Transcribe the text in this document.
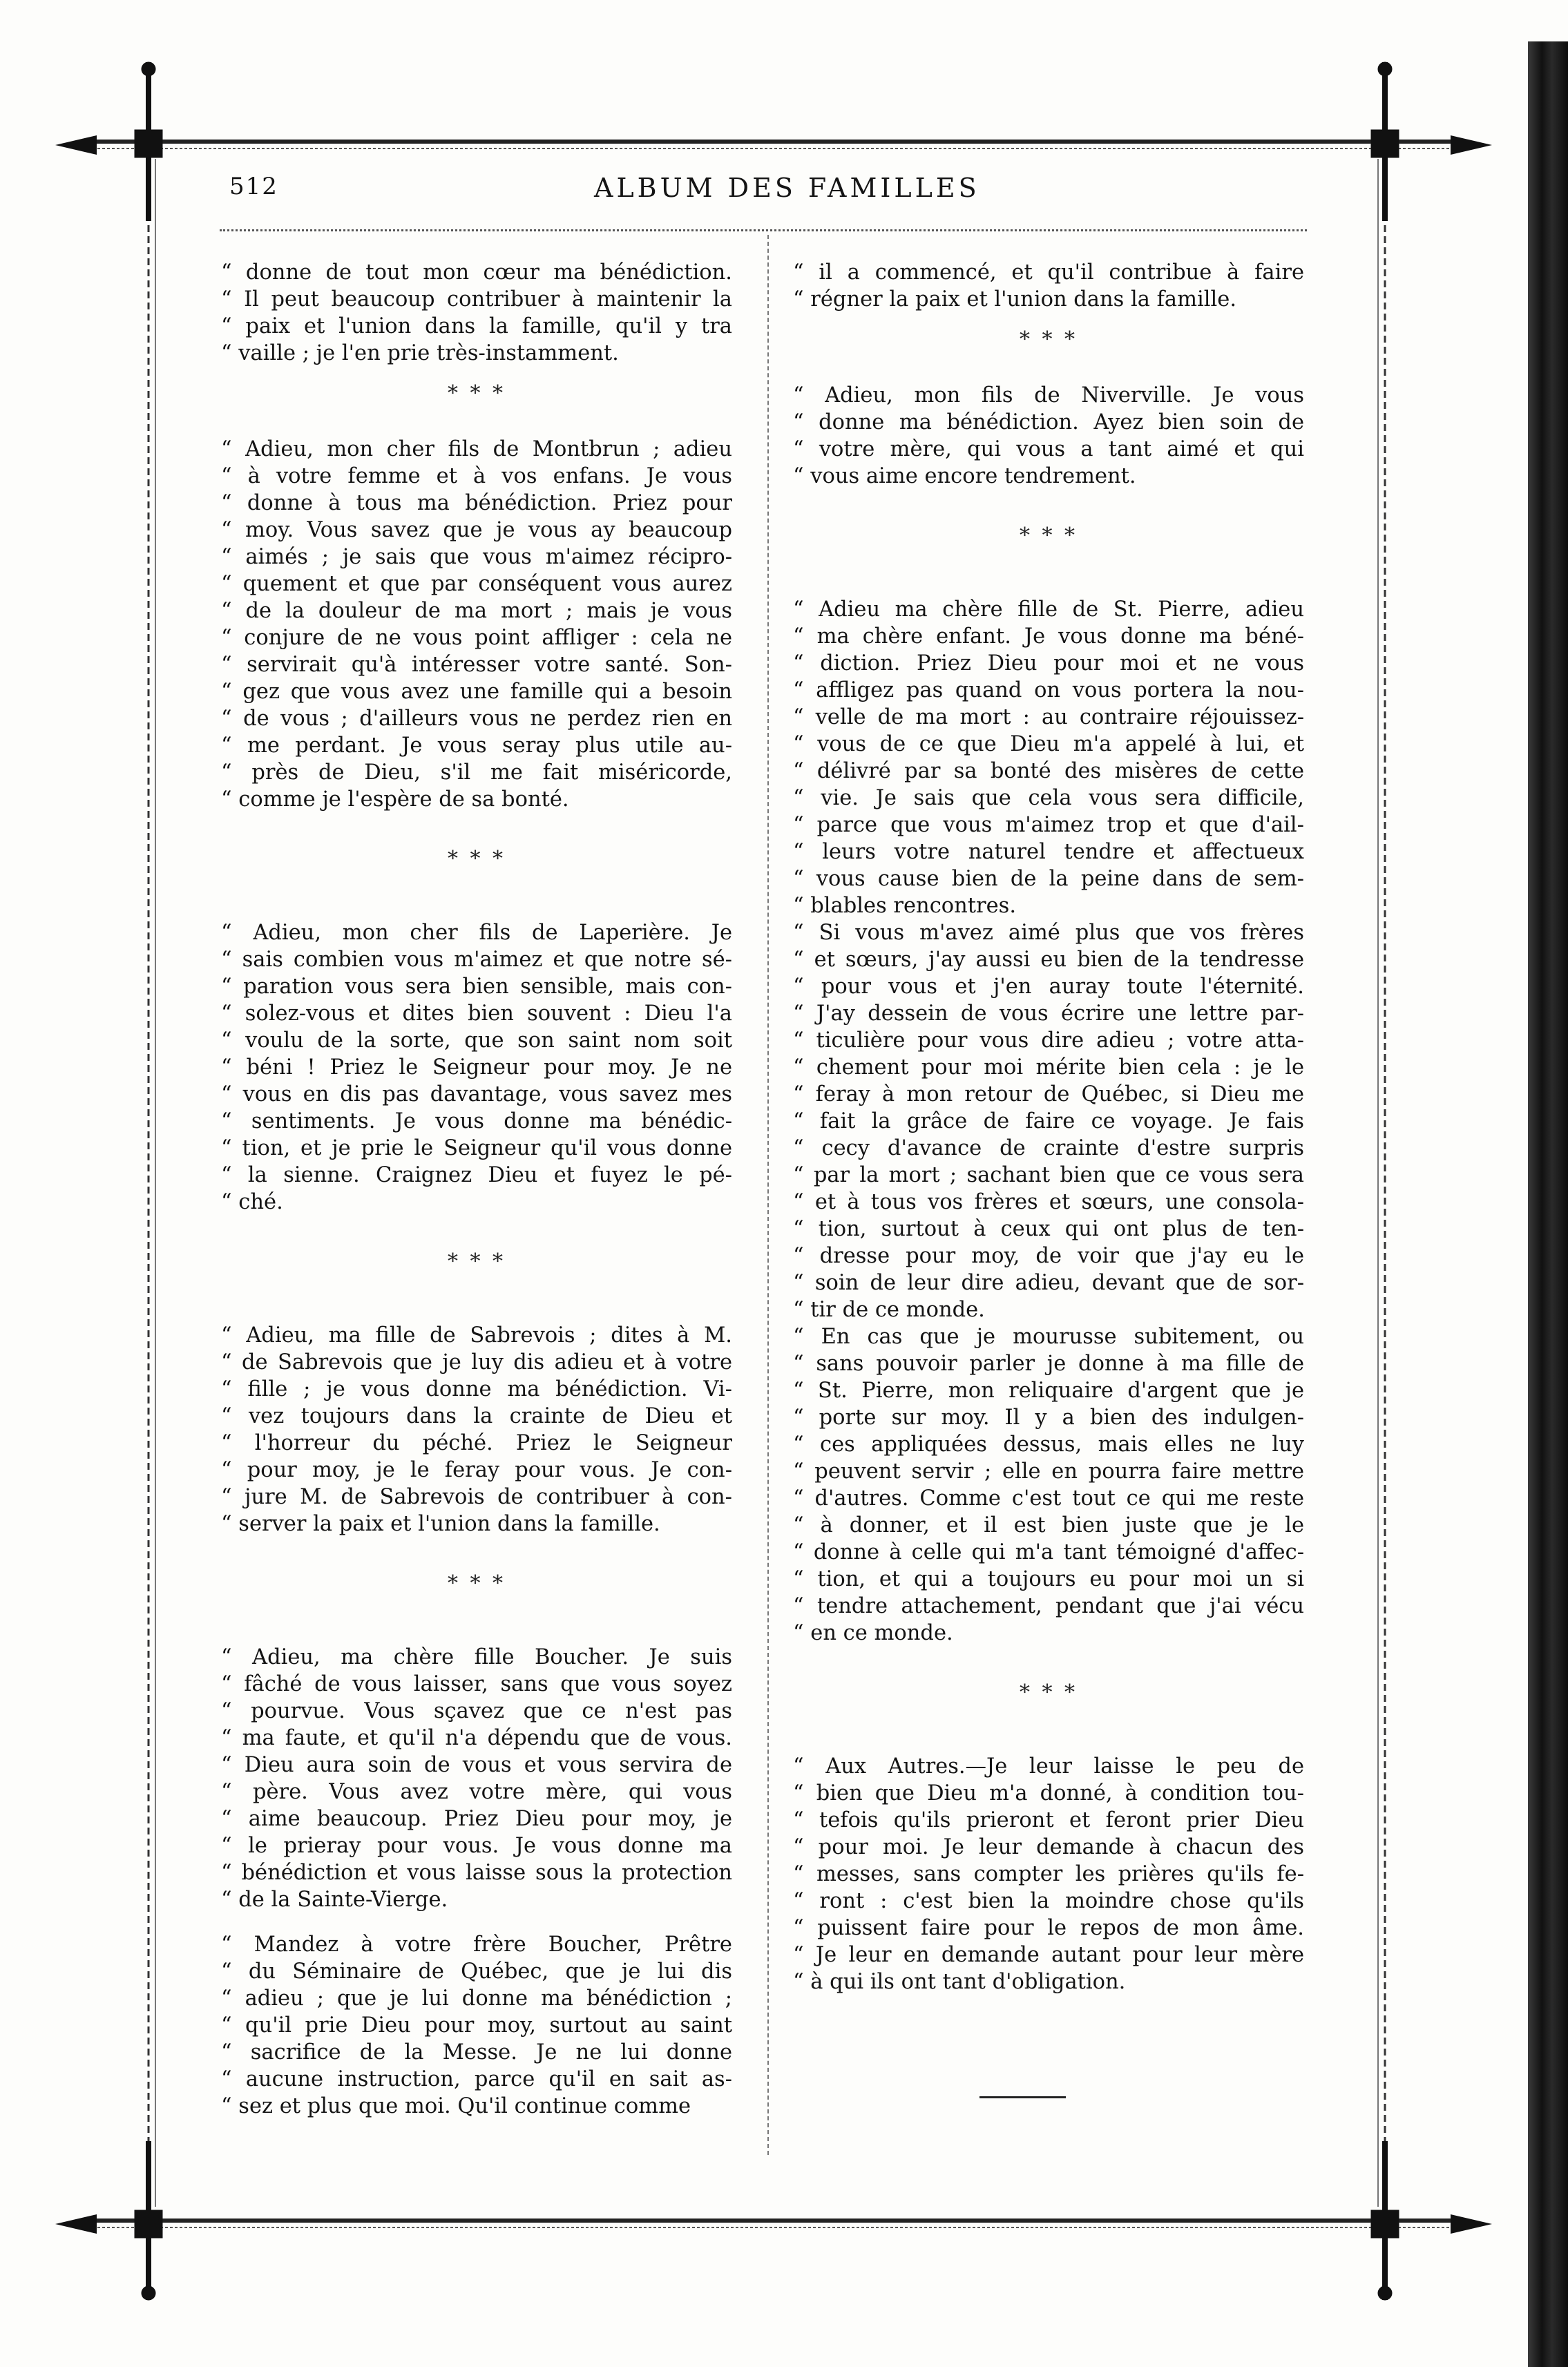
512	ALBUM DES FAMILLES

“ donne de tout mon cœur ma bénédiction.
“ Il peut beaucoup contribuer à maintenir la
“ paix et l'union dans la famille, qu'il y tra
“ vaille ; je l'en prie très-instamment.

* * *

“ Adieu, mon cher fils de Montbrun ; adieu
“ à votre femme et à vos enfans. Je vous
“ donne à tous ma bénédiction. Priez pour
“ moy. Vous savez que je vous ay beaucoup
“ aimés ; je sais que vous m'aimez récipro-
“ quement et que par conséquent vous aurez
“ de la douleur de ma mort ; mais je vous
“ conjure de ne vous point affliger : cela ne
“ servirait qu'à intéresser votre santé. Son-
“ gez que vous avez une famille qui a besoin
“ de vous ; d'ailleurs vous ne perdez rien en
“ me perdant. Je vous seray plus utile au-
“ près de Dieu, s'il me fait miséricorde,
“ comme je l'espère de sa bonté.

* * *

“ Adieu, mon cher fils de Laperière. Je
“ sais combien vous m'aimez et que notre sé-
“ paration vous sera bien sensible, mais con-
“ solez-vous et dites bien souvent : Dieu l'a
“ voulu de la sorte, que son saint nom soit
“ béni ! Priez le Seigneur pour moy. Je ne
“ vous en dis pas davantage, vous savez mes
“ sentiments. Je vous donne ma bénédic-
“ tion, et je prie le Seigneur qu'il vous donne
“ la sienne. Craignez Dieu et fuyez le pé-
“ ché.

* * *

“ Adieu, ma fille de Sabrevois ; dites à M.
“ de Sabrevois que je luy dis adieu et à votre
“ fille ; je vous donne ma bénédiction. Vi-
“ vez toujours dans la crainte de Dieu et
“ l'horreur du péché. Priez le Seigneur
“ pour moy, je le feray pour vous. Je con-
“ jure M. de Sabrevois de contribuer à con-
“ server la paix et l'union dans la famille.

* * *

“ Adieu, ma chère fille Boucher. Je suis
“ fâché de vous laisser, sans que vous soyez
“ pourvue. Vous sçavez que ce n'est pas
“ ma faute, et qu'il n'a dépendu que de vous.
“ Dieu aura soin de vous et vous servira de
“ père. Vous avez votre mère, qui vous
“ aime beaucoup. Priez Dieu pour moy, je
“ le prieray pour vous. Je vous donne ma
“ bénédiction et vous laisse sous la protection
“ de la Sainte-Vierge.

“ Mandez à votre frère Boucher, Prêtre
“ du Séminaire de Québec, que je lui dis
“ adieu ; que je lui donne ma bénédiction ;
“ qu'il prie Dieu pour moy, surtout au saint
“ sacrifice de la Messe. Je ne lui donne
“ aucune instruction, parce qu'il en sait as-
“ sez et plus que moi. Qu'il continue comme

“ il a commencé, et qu'il contribue à faire
“ régner la paix et l'union dans la famille.

* * *

“ Adieu, mon fils de Niverville. Je vous
“ donne ma bénédiction. Ayez bien soin de
“ votre mère, qui vous a tant aimé et qui
“ vous aime encore tendrement.

* * *

“ Adieu ma chère fille de St. Pierre, adieu
“ ma chère enfant. Je vous donne ma béné-
“ diction. Priez Dieu pour moi et ne vous
“ affligez pas quand on vous portera la nou-
“ velle de ma mort : au contraire réjouissez-
“ vous de ce que Dieu m'a appelé à lui, et
“ délivré par sa bonté des misères de cette
“ vie. Je sais que cela vous sera difficile,
“ parce que vous m'aimez trop et que d'ail-
“ leurs votre naturel tendre et affectueux
“ vous cause bien de la peine dans de sem-
“ blables rencontres.

“ Si vous m'avez aimé plus que vos frères
“ et sœurs, j'ay aussi eu bien de la tendresse
“ pour vous et j'en auray toute l'éternité.
“ J'ay dessein de vous écrire une lettre par-
“ ticulière pour vous dire adieu ; votre atta-
“ chement pour moi mérite bien cela : je le
“ feray à mon retour de Québec, si Dieu me
“ fait la grâce de faire ce voyage. Je fais
“ cecy d'avance de crainte d'estre surpris
“ par la mort ; sachant bien que ce vous sera
“ et à tous vos frères et sœurs, une consola-
“ tion, surtout à ceux qui ont plus de ten-
“ dresse pour moy, de voir que j'ay eu le
“ soin de leur dire adieu, devant que de sor-
“ tir de ce monde.

“ En cas que je mourusse subitement, ou
“ sans pouvoir parler je donne à ma fille de
“ St. Pierre, mon reliquaire d'argent que je
“ porte sur moy. Il y a bien des indulgen-
“ ces appliquées dessus, mais elles ne luy
“ peuvent servir ; elle en pourra faire mettre
“ d'autres. Comme c'est tout ce qui me reste
“ à donner, et il est bien juste que je le
“ donne à celle qui m'a tant témoigné d'affec-
“ tion, et qui a toujours eu pour moi un si
“ tendre attachement, pendant que j'ai vécu
“ en ce monde.

* * *

“ Aux Autres.—Je leur laisse le peu de
“ bien que Dieu m'a donné, à condition tou-
“ tefois qu'ils prieront et feront prier Dieu
“ pour moi. Je leur demande à chacun des
“ messes, sans compter les prières qu'ils fe-
“ ront : c'est bien la moindre chose qu'ils
“ puissent faire pour le repos de mon âme.
“ Je leur en demande autant pour leur mère
“ à qui ils ont tant d'obligation.
